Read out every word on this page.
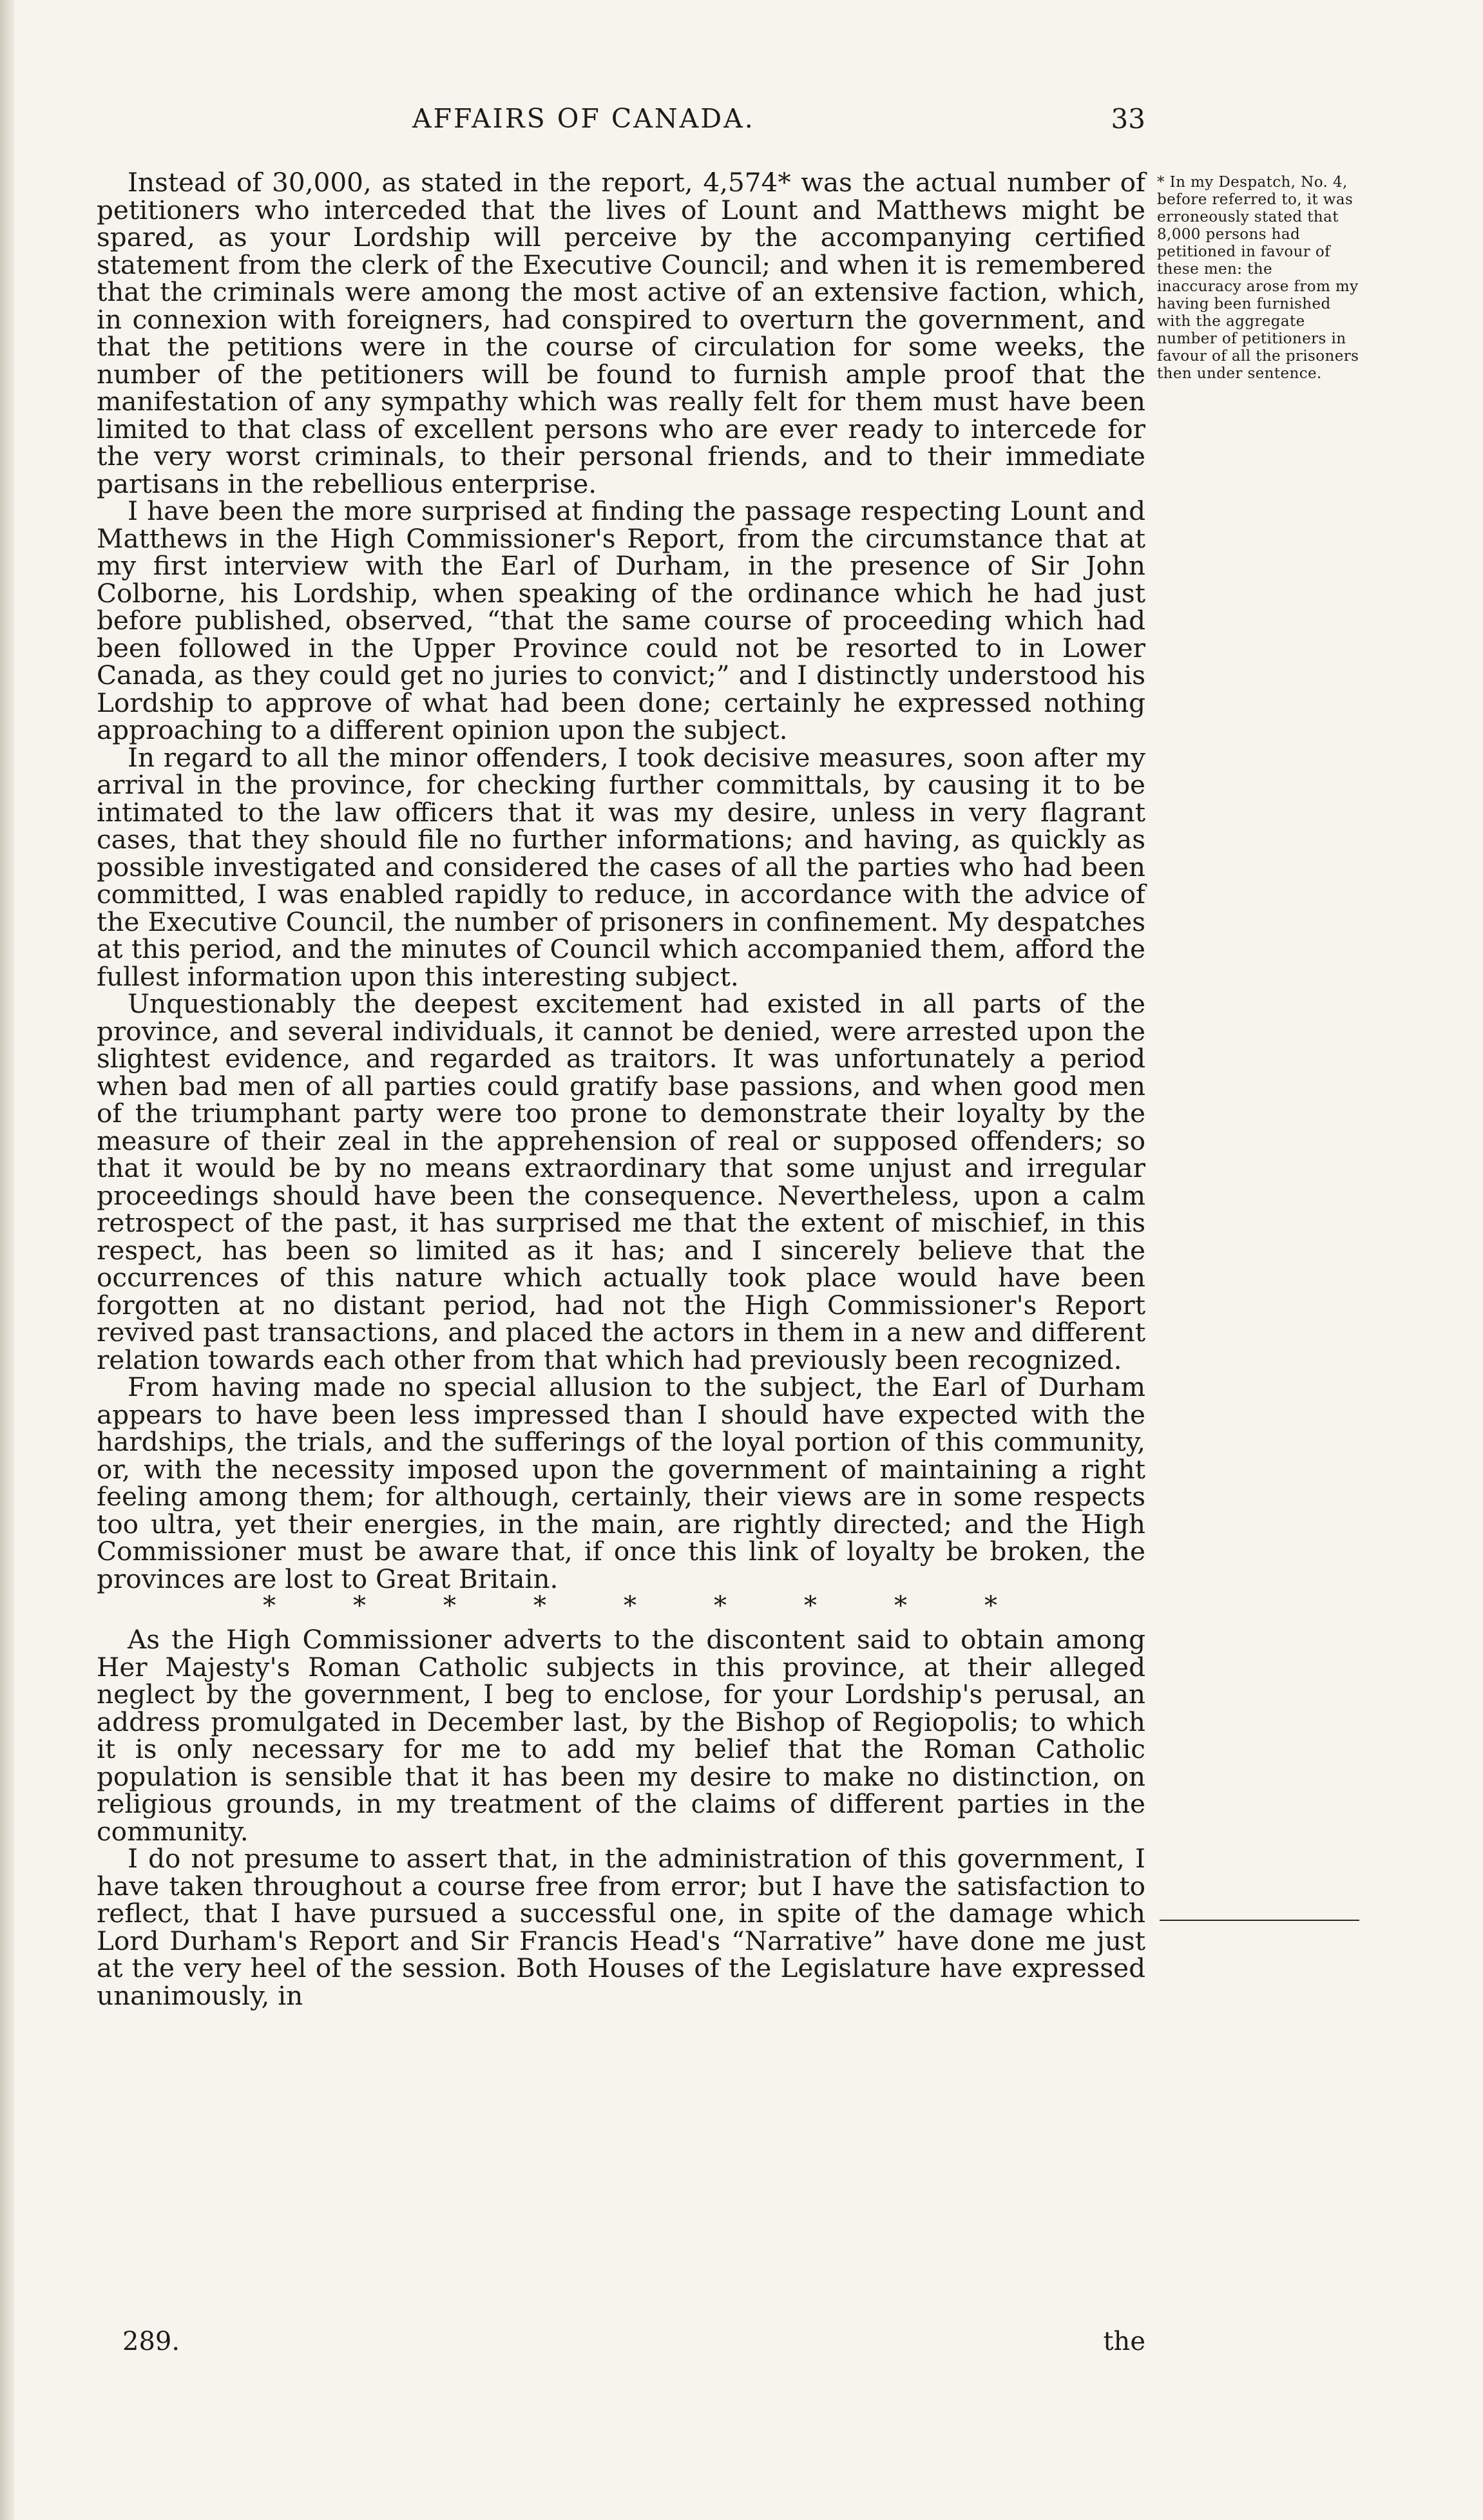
AFFAIRS OF CANADA.	33

Instead of 30,000, as stated in the report, 4,574* was the actual number of petitioners who interceded that the lives of Lount and Matthews might be spared, as your Lordship will perceive by the accompanying certified statement from the clerk of the Executive Council; and when it is remembered that the criminals were among the most active of an extensive faction, which, in connexion with foreigners, had conspired to overturn the government, and that the petitions were in the course of circulation for some weeks, the number of the petitioners will be found to furnish ample proof that the manifestation of any sympathy which was really felt for them must have been limited to that class of excellent persons who are ever ready to intercede for the very worst criminals, to their personal friends, and to their immediate partisans in the rebellious enterprise.

I have been the more surprised at finding the passage respecting Lount and Matthews in the High Commissioner's Report, from the circumstance that at my first interview with the Earl of Durham, in the presence of Sir John Colborne, his Lordship, when speaking of the ordinance which he had just before published, observed, “that the same course of proceeding which had been followed in the Upper Province could not be resorted to in Lower Canada, as they could get no juries to convict;” and I distinctly understood his Lordship to approve of what had been done; certainly he expressed nothing approaching to a different opinion upon the subject.

In regard to all the minor offenders, I took decisive measures, soon after my arrival in the province, for checking further committals, by causing it to be intimated to the law officers that it was my desire, unless in very flagrant cases, that they should file no further informations; and having, as quickly as possible investigated and considered the cases of all the parties who had been committed, I was enabled rapidly to reduce, in accordance with the advice of the Executive Council, the number of prisoners in confinement. My despatches at this period, and the minutes of Council which accompanied them, afford the fullest information upon this interesting subject.

Unquestionably the deepest excitement had existed in all parts of the province, and several individuals, it cannot be denied, were arrested upon the slightest evidence, and regarded as traitors. It was unfortunately a period when bad men of all parties could gratify base passions, and when good men of the triumphant party were too prone to demonstrate their loyalty by the measure of their zeal in the apprehension of real or supposed offenders; so that it would be by no means extraordinary that some unjust and irregular proceedings should have been the consequence. Nevertheless, upon a calm retrospect of the past, it has surprised me that the extent of mischief, in this respect, has been so limited as it has; and I sincerely believe that the occurrences of this nature which actually took place would have been forgotten at no distant period, had not the High Commissioner's Report revived past transactions, and placed the actors in them in a new and different relation towards each other from that which had previously been recognized.

From having made no special allusion to the subject, the Earl of Durham appears to have been less impressed than I should have expected with the hardships, the trials, and the sufferings of the loyal portion of this community, or, with the necessity imposed upon the government of maintaining a right feeling among them; for although, certainly, their views are in some respects too ultra, yet their energies, in the main, are rightly directed; and the High Commissioner must be aware that, if once this link of loyalty be broken, the provinces are lost to Great Britain.

*	*	*	*	*	*	*	*	*

As the High Commissioner adverts to the discontent said to obtain among Her Majesty's Roman Catholic subjects in this province, at their alleged neglect by the government, I beg to enclose, for your Lordship's perusal, an address promulgated in December last, by the Bishop of Regiopolis; to which it is only necessary for me to add my belief that the Roman Catholic population is sensible that it has been my desire to make no distinction, on religious grounds, in my treatment of the claims of different parties in the community.

I do not presume to assert that, in the administration of this government, I have taken throughout a course free from error; but I have the satisfaction to reflect, that I have pursued a successful one, in spite of the damage which Lord Durham's Report and Sir Francis Head's “Narrative” have done me just at the very heel of the session. Both Houses of the Legislature have expressed unanimously, in

* In my Despatch, No. 4, before referred to, it was erroneously stated that 8,000 persons had petitioned in favour of these men: the inaccuracy arose from my having been furnished with the aggregate number of petitioners in favour of all the prisoners then under sentence.
289.	the
